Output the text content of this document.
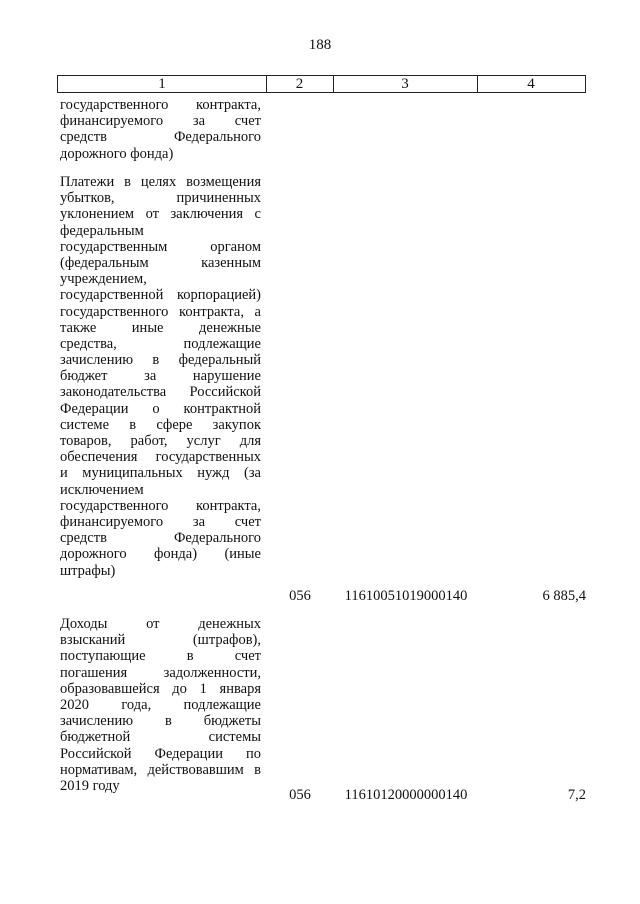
188
1	2	3	4
государственного контракта,
финансируемого за счет
средств Федерального
дорожного фонда)
Платежи в целях возмещения
убытков, причиненных
уклонением от заключения с
федеральным
государственным органом
(федеральным казенным
учреждением,
государственной корпорацией)
государственного контракта, а
также иные денежные
средства, подлежащие
зачислению в федеральный
бюджет за нарушение
законодательства Российской
Федерации о контрактной
системе в сфере закупок
товаров, работ, услуг для
обеспечения государственных
и муниципальных нужд (за
исключением
государственного контракта,
финансируемого за счет
средств Федерального
дорожного фонда) (иные
штрафы)
056	11610051019000140	6 885,4
Доходы от денежных
взысканий (штрафов),
поступающие в счет
погашения задолженности,
образовавшейся до 1 января
2020 года, подлежащие
зачислению в бюджеты
бюджетной системы
Российской Федерации по
нормативам, действовавшим в
2019 году
056	11610120000000140	7,2
